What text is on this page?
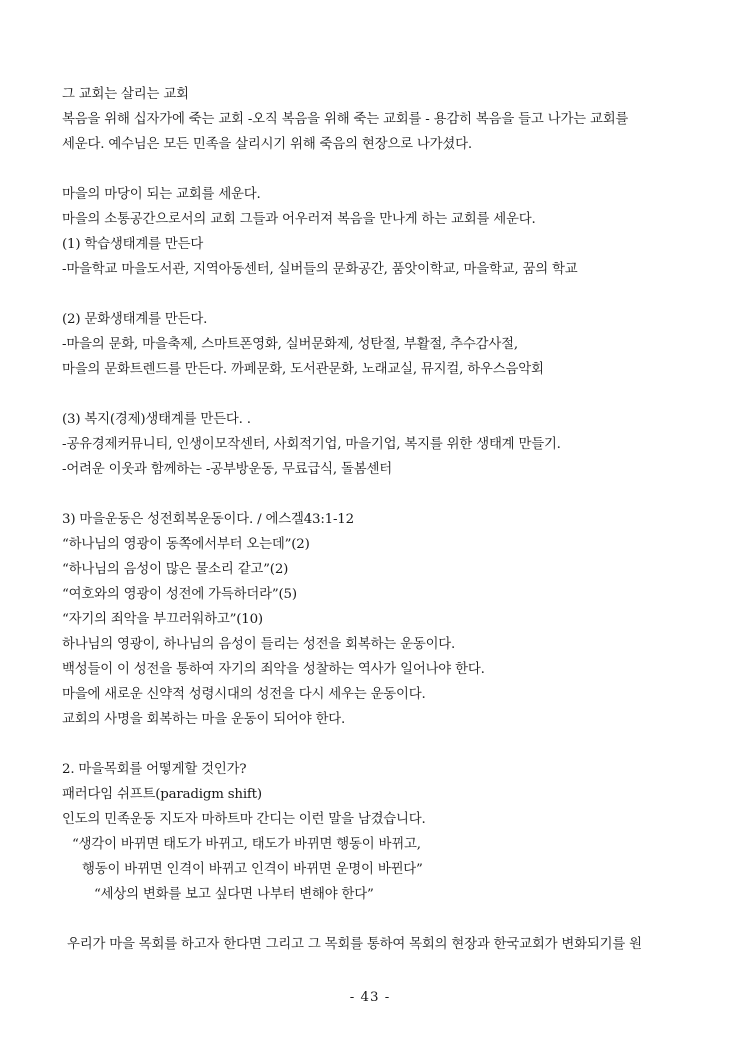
그 교회는 살리는 교회
복음을 위해 십자가에 죽는 교회 -오직 복음을 위해 죽는 교회를 - 용감히 복음을 들고 나가는 교회를
세운다. 예수님은 모든 민족을 살리시기 위해 죽음의 현장으로 나가셨다.
마을의 마당이 되는 교회를 세운다.
마을의 소통공간으로서의 교회 그들과 어우러져 복음을 만나게 하는 교회를 세운다.
(1) 학습생태계를 만든다
-마을학교 마을도서관, 지역아동센터, 실버들의 문화공간, 품앗이학교, 마을학교, 꿈의 학교
(2) 문화생태계를 만든다.
-마을의 문화, 마을축제, 스마트폰영화, 실버문화제, 성탄절, 부활절, 추수감사절,
마을의 문화트렌드를 만든다. 까페문화, 도서관문화, 노래교실, 뮤지컬, 하우스음악회
(3) 복지(경제)생태계를 만든다. .
-공유경제커뮤니티, 인생이모작센터, 사회적기업, 마을기업, 복지를 위한 생태계 만들기.
-어려운 이웃과 함께하는 -공부방운동, 무료급식, 돌봄센터
3) 마을운동은 성전회복운동이다. / 에스겔43:1-12
“하나님의 영광이 동쪽에서부터 오는데”(2)
“하나님의 음성이 많은 물소리 같고”(2)
“여호와의 영광이 성전에 가득하더라”(5)
“자기의 죄악을 부끄러워하고”(10)
하나님의 영광이, 하나님의 음성이 들리는 성전을 회복하는 운동이다.
백성들이 이 성전을 통하여 자기의 죄악을 성찰하는 역사가 일어나야 한다.
마을에 새로운 신약적 성령시대의 성전을 다시 세우는 운동이다.
교회의 사명을 회복하는 마을 운동이 되어야 한다.
2. 마을목회를 어떻게할 것인가?
패러다임 쉬프트(paradigm shift)
인도의 민족운동 지도자 마하트마 간디는 이런 말을 남겼습니다.
“생각이 바뀌면 태도가 바뀌고, 태도가 바뀌면 행동이 바뀌고,
행동이 바뀌면 인격이 바뀌고 인격이 바뀌면 운명이 바뀐다”
“세상의 변화를 보고 싶다면 나부터 변해야 한다”
우리가 마을 목회를 하고자 한다면 그리고 그 목회를 통하여 목회의 현장과 한국교회가 변화되기를 원
- 43 -
